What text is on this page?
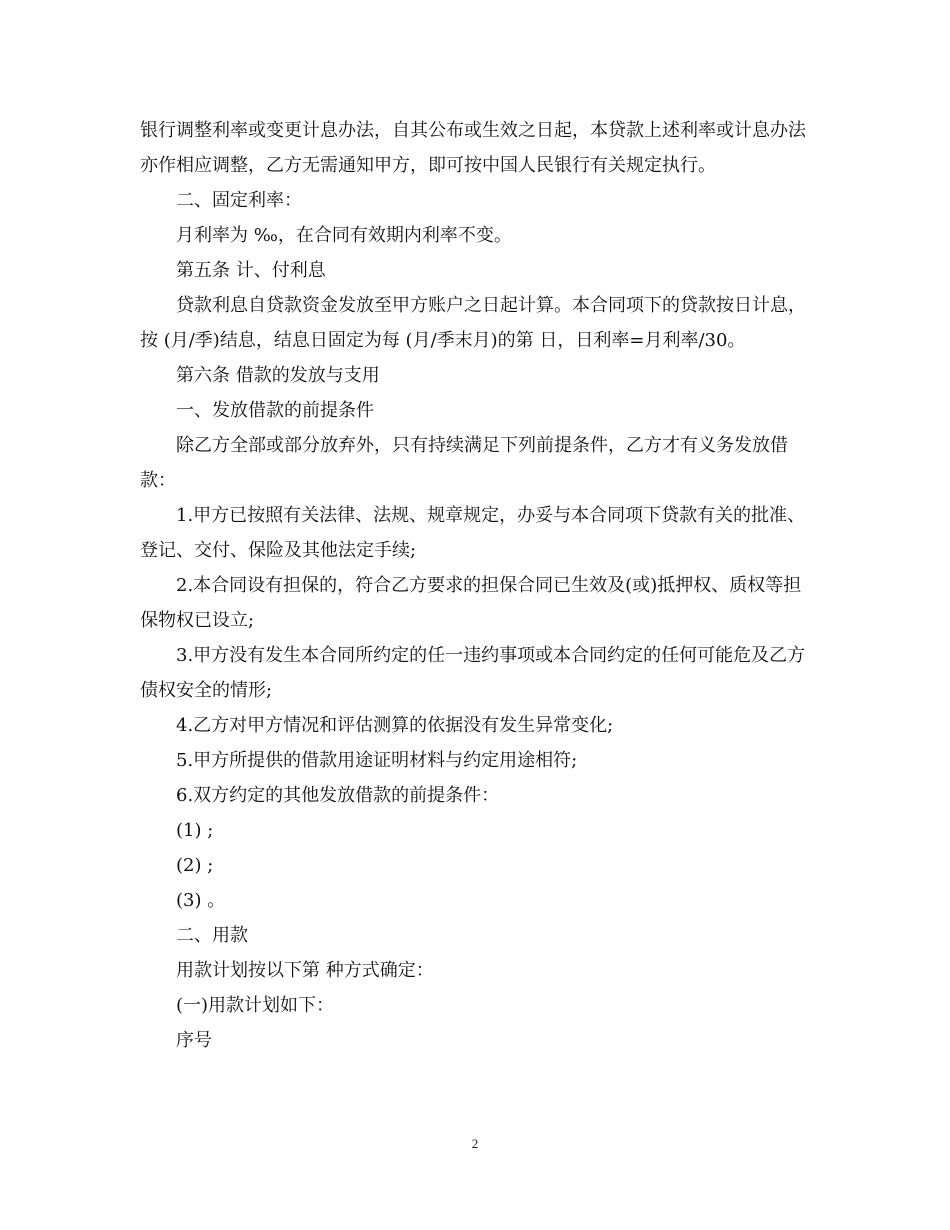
银行调整利率或变更计息办法，自其公布或生效之日起，本贷款上述利率或计息办法亦作相应调整，乙方无需通知甲方，即可按中国人民银行有关规定执行。

二、固定利率：

月利率为 ‰，在合同有效期内利率不变。

第五条 计、付利息

贷款利息自贷款资金发放至甲方账户之日起计算。本合同项下的贷款按日计息，按 (月/季)结息，结息日固定为每 (月/季末月)的第 日，日利率=月利率/30。

第六条 借款的发放与支用

一、发放借款的前提条件

除乙方全部或部分放弃外，只有持续满足下列前提条件，乙方才有义务发放借款：

1.甲方已按照有关法律、法规、规章规定，办妥与本合同项下贷款有关的批准、登记、交付、保险及其他法定手续;

2.本合同设有担保的，符合乙方要求的担保合同已生效及(或)抵押权、质权等担保物权已设立;

3.甲方没有发生本合同所约定的任一违约事项或本合同约定的任何可能危及乙方债权安全的情形;

4.乙方对甲方情况和评估测算的依据没有发生异常变化;

5.甲方所提供的借款用途证明材料与约定用途相符;

6.双方约定的其他发放借款的前提条件：

(1) ;

(2) ;

(3) 。

二、用款

用款计划按以下第 种方式确定：

(一)用款计划如下：

序号

2
